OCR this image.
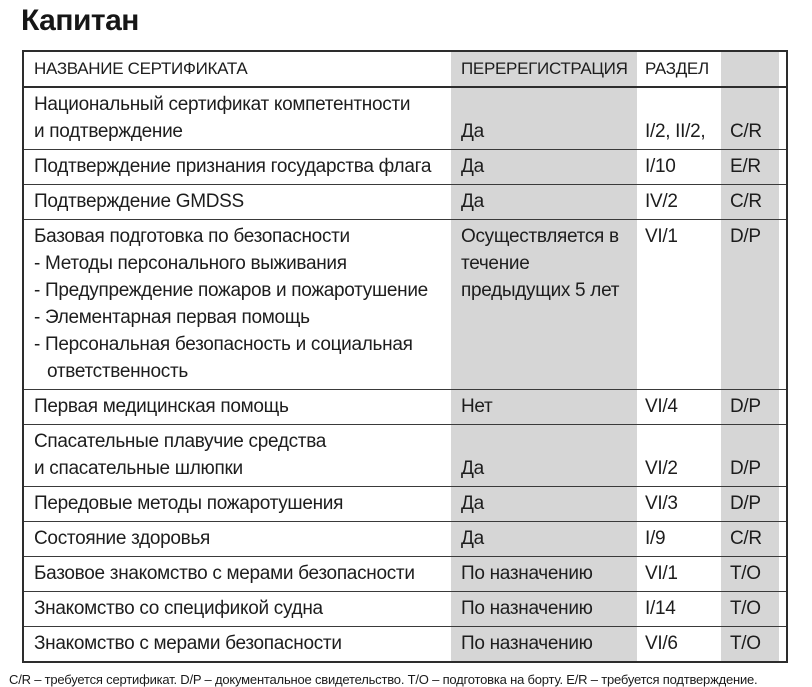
Капитан
НАЗВАНИЕ СЕРТИФИКАТА	ПЕРЕРЕГИСТРАЦИЯ	РАЗДЕЛ	

Национальный сертификат компетентности
и подтверждение	Да	I/2, II/2,	C/R

Подтверждение признания государства флага	Да	I/10	E/R

Подтверждение GMDSS	Да	IV/2	C/R

Базовая подготовка по безопасности
- Методы персонального выживания
- Предупреждение пожаров и пожаротушение
- Элементарная первая помощь
- Персональная безопасность и социальная ответственность	Осуществляется в течение предыдущих 5 лет	VI/1	D/P

Первая медицинская помощь	Нет	VI/4	D/P

Спасательные плавучие средства
и спасательные шлюпки	Да	VI/2	D/P

Передовые методы пожаротушения	Да	VI/3	D/P

Состояние здоровья	Да	I/9	C/R

Базовое знакомство с мерами безопасности	По назначению	VI/1	T/O

Знакомство со спецификой судна	По назначению	I/14	T/O

Знакомство с мерами безопасности	По назначению	VI/6	T/O
C/R – требуется сертификат. D/P – документальное свидетельство. T/O – подготовка на борту. E/R – требуется подтверждение.
